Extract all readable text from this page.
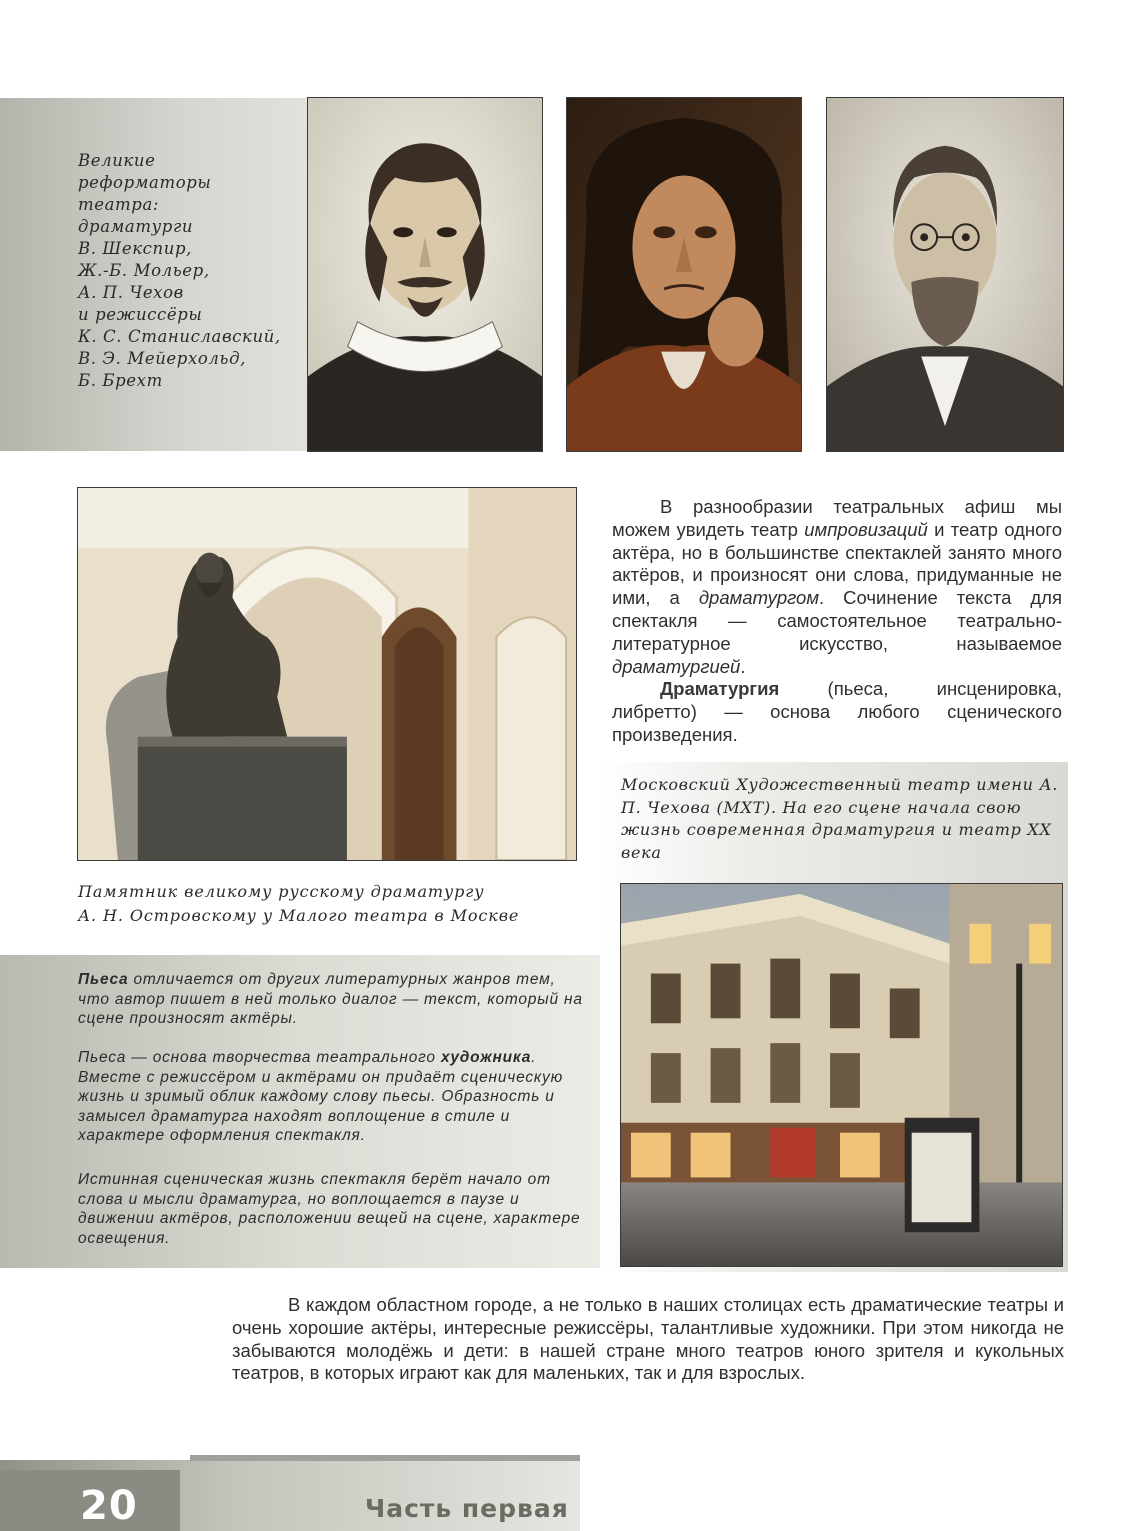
Великие
реформаторы
театра:
драматурги
В. Шекспир,
Ж.-Б. Мольер,
А. П. Чехов
и режиссёры
К. С. Станиславский,
В. Э. Мейерхольд,
Б. Брехт
В разнообразии театральных афиш мы можем увидеть театр импровизаций и театр одного актёра, но в большинстве спектаклей занято много актёров, и произносят они слова, придуманные не ими, а драматургом. Сочинение текста для спектакля — самостоятельное театрально-литературное искусство, называемое драматургией.
Драматургия (пьеса, инсценировка, либретто) — основа любого сценического произведения.
Московский Художественный театр имени А. П. Чехова (МХТ). На его сцене начала свою жизнь современная драматургия и театр XX века
Памятник великому русскому драматургу
А. Н. Островскому у Малого театра в Москве
Пьеса отличается от других литературных жанров тем, что автор пишет в ней только диалог — текст, который на сцене произносят актёры.
Пьеса — основа творчества театрального художника. Вместе с режиссёром и актёрами он придаёт сценическую жизнь и зримый облик каждому слову пьесы. Образность и замысел драматурга находят воплощение в стиле и характере оформления спектакля.
Истинная сценическая жизнь спектакля берёт начало от слова и мысли драматурга, но воплощается в паузе и движении актёров, расположении вещей на сцене, характере освещения.
В каждом областном городе, а не только в наших столицах есть драматические театры и очень хорошие актёры, интересные режиссёры, талантливые художники. При этом никогда не забываются молодёжь и дети: в нашей стране много театров юного зрителя и кукольных театров, в которых играют как для маленьких, так и для взрослых.
20	Часть первая
